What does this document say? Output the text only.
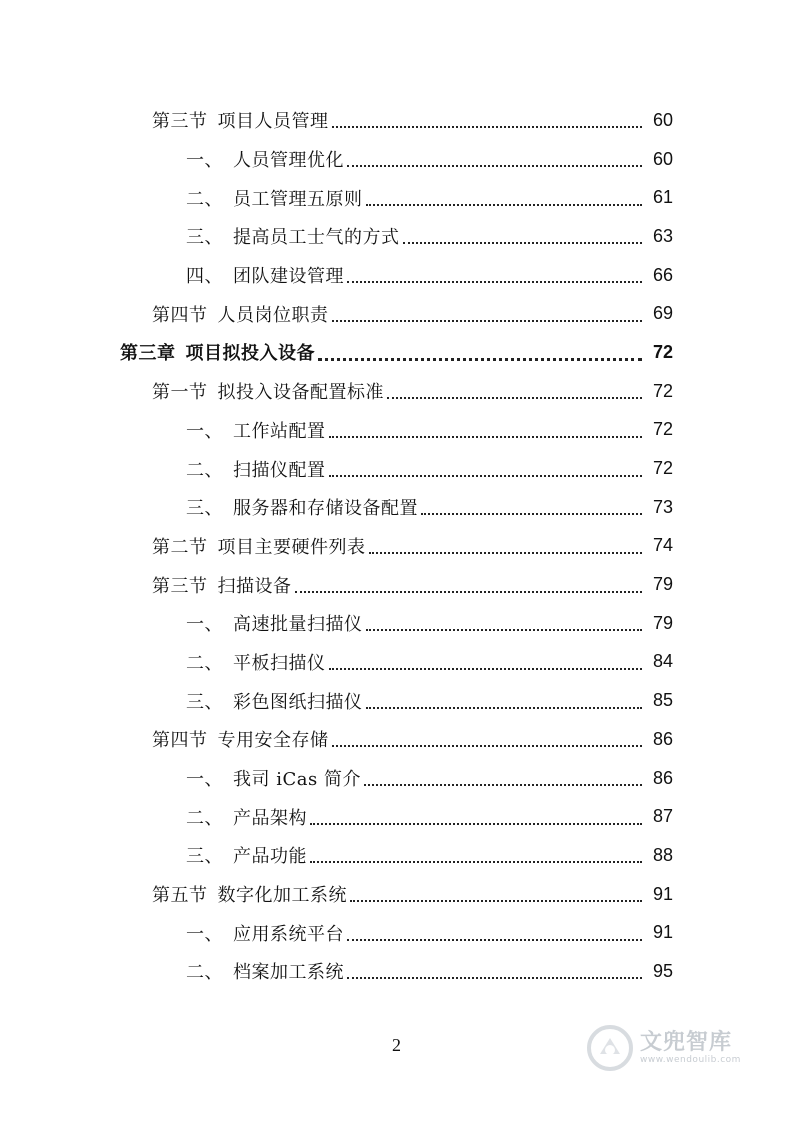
第三节 项目人员管理	60
一、 人员管理优化	60
二、 员工管理五原则	61
三、 提高员工士气的方式	63
四、 团队建设管理	66
第四节 人员岗位职责	69
第三章 项目拟投入设备	72
第一节 拟投入设备配置标准	72
一、 工作站配置	72
二、 扫描仪配置	72
三、 服务器和存储设备配置	73
第二节 项目主要硬件列表	74
第三节 扫描设备	79
一、 高速批量扫描仪	79
二、 平板扫描仪	84
三、 彩色图纸扫描仪	85
第四节 专用安全存储	86
一、 我司 iCas 简介	86
二、 产品架构	87
三、 产品功能	88
第五节 数字化加工系统	91
一、 应用系统平台	91
二、 档案加工系统	95
2	文兜智库
www.wendoulib.com
